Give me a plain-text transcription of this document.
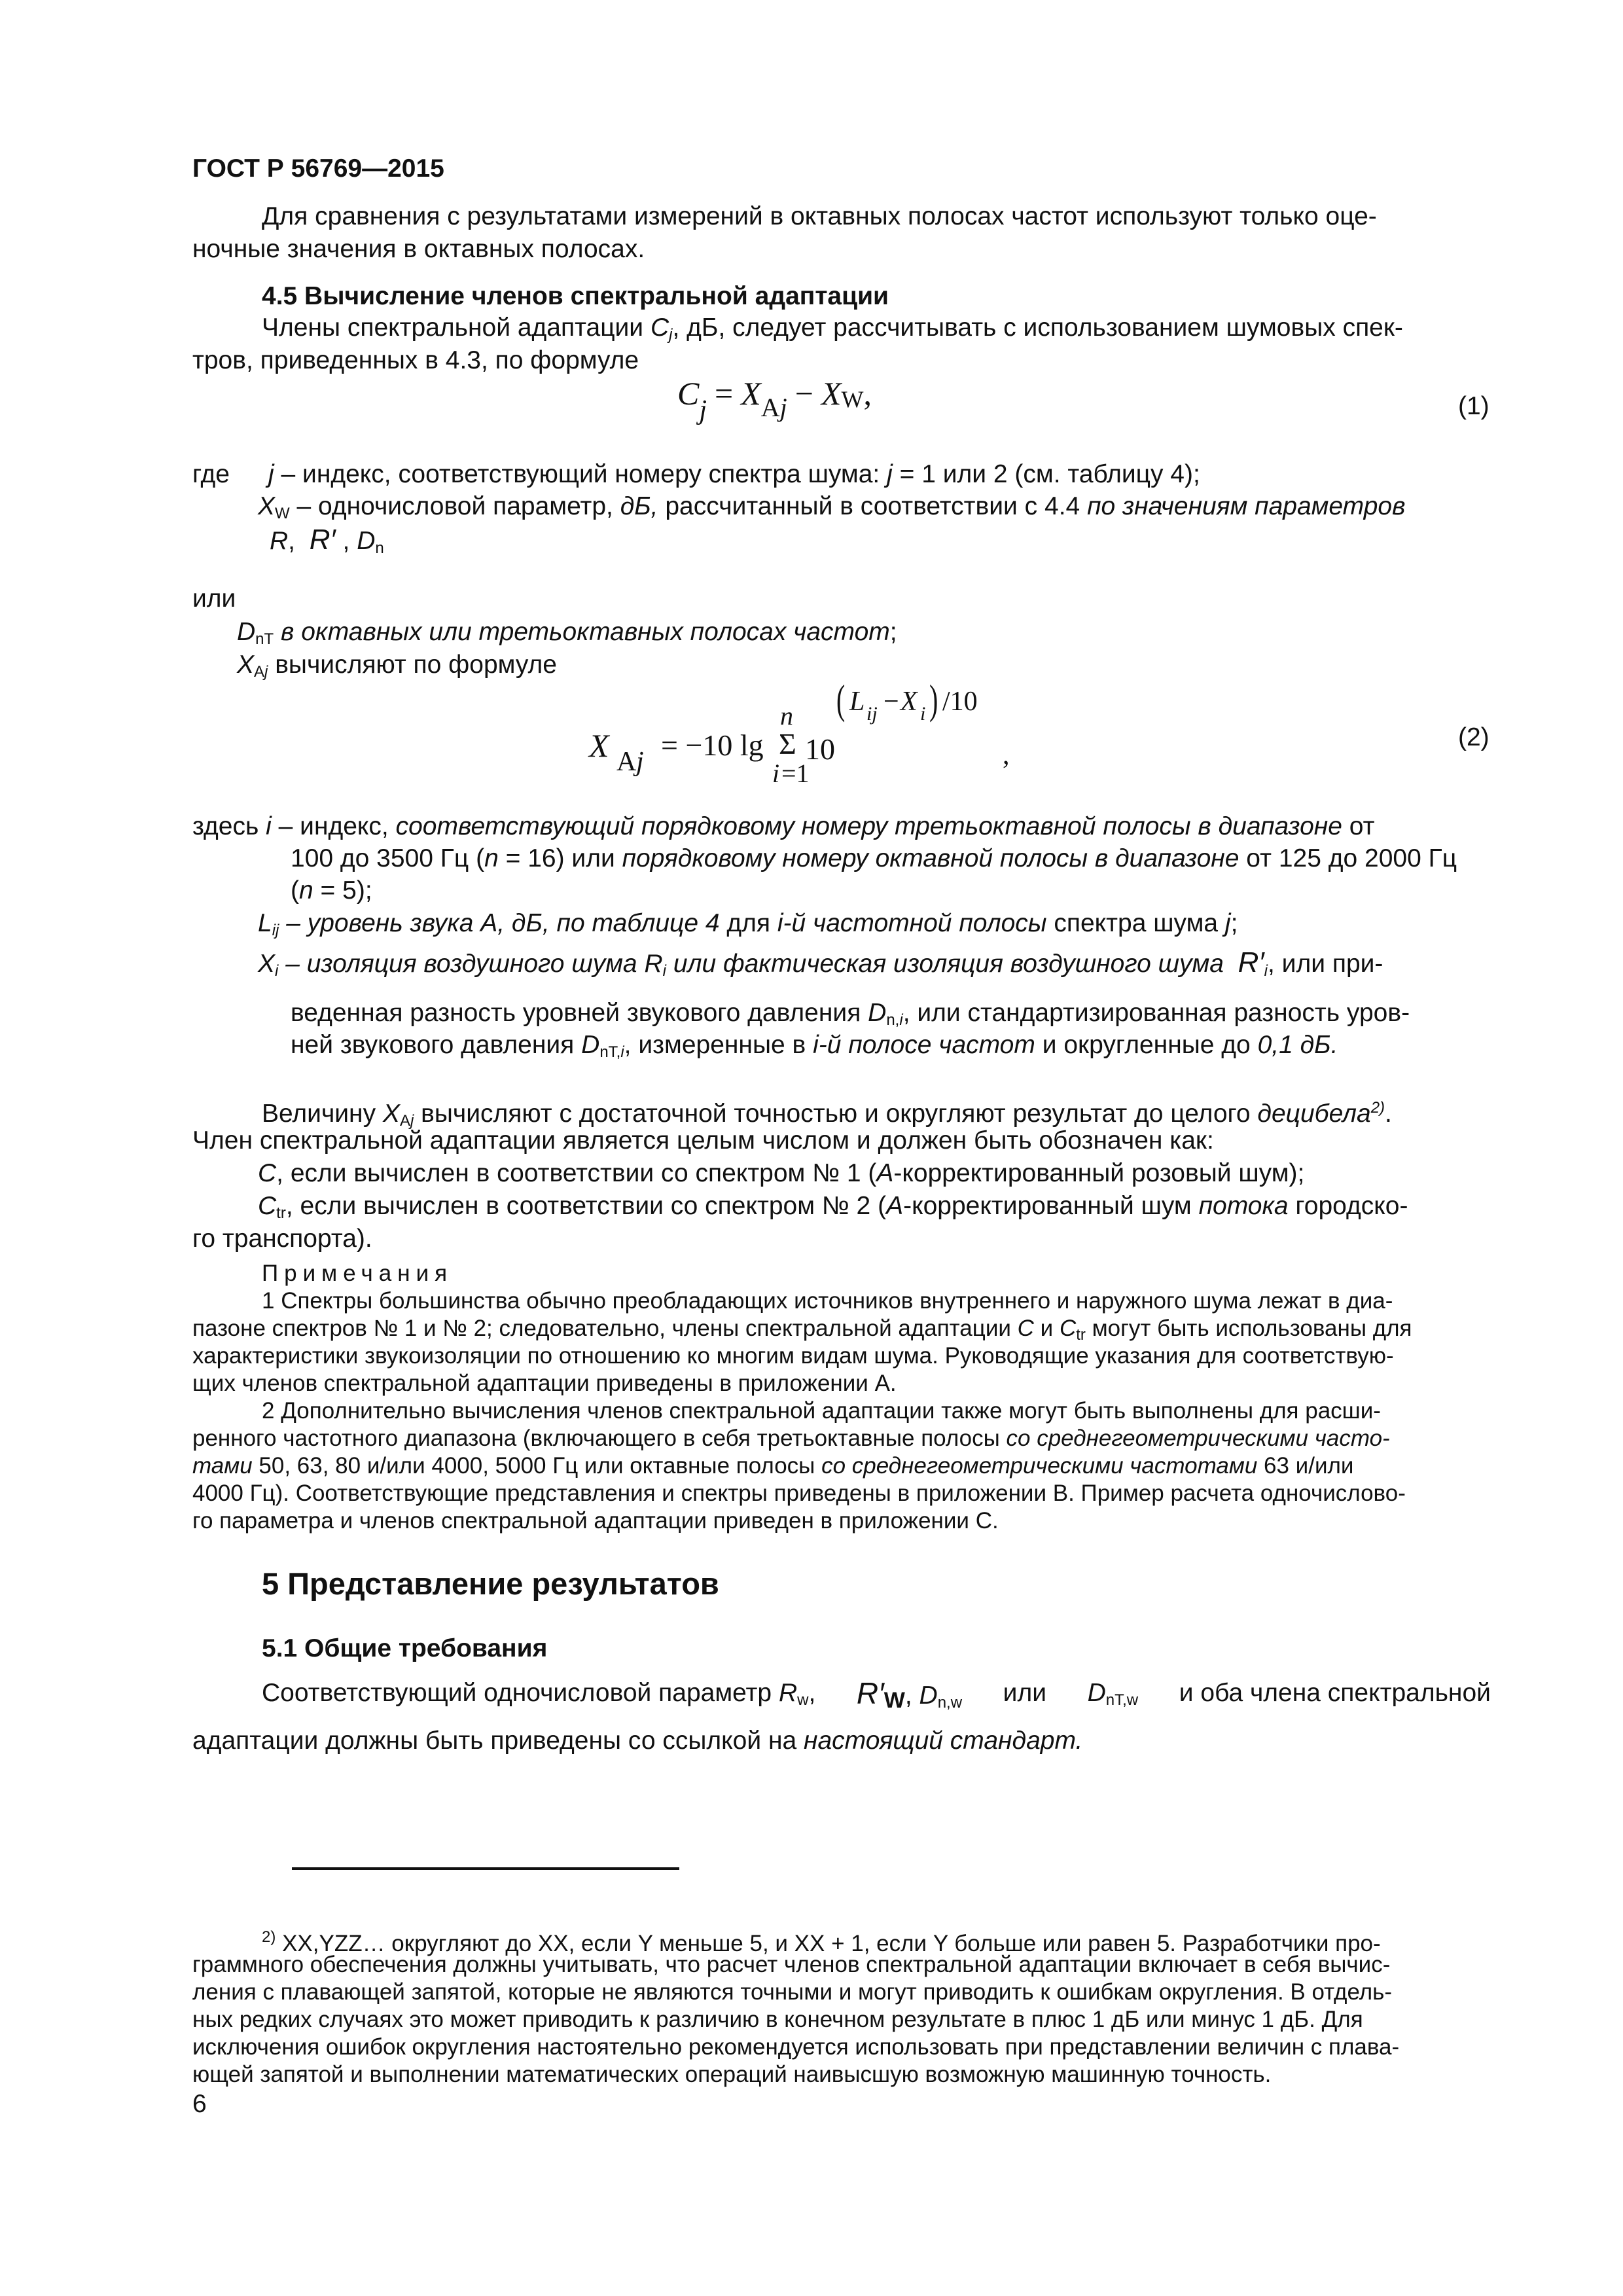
ГОСТ Р 56769—2015
Для сравнения с результатами измерений в октавных полосах частот используют только оце-
ночные значения в октавных полосах.
4.5 Вычисление членов спектральной адаптации
Члены спектральной адаптации $C_j$, дБ, следует рассчитывать с использованием шумовых спек-
тров, приведенных в 4.3, по формуле
$C_j = X_{Aj}$ − XW,	(1)
где j – индекс, соответствующий номеру спектра шума: j = 1 или 2 (см. таблицу 4);
$X_W$ – одночисловой параметр, дБ, рассчитанный в соответствии с 4.4 по значениям параметров
R,  R′ , $D_n$
или
$D_{nT}$ в октавных или третьоктавных полосах частот;
$X_{Aj}$ вычисляют по формуле
X A j = −10 lg
n
Σ
i =1
10
( L ij − X i ) /10
,
(2)
здесь i – индекс, соответствующий порядковому номеру третьоктавной полосы в диапазоне от
100 до 3500 Гц (n = 16) или порядковому номеру октавной полосы в диапазоне от 125 до 2000 Гц
(n = 5);
$L_{ij}$ – уровень звука А, дБ, по таблице 4 для i-й частотной полосы спектра шума j;
$X_i$ – изоляция воздушного шума $R_i$ или фактическая изоляция воздушного шума $R'_i$, или при-
веденная разность уровней звукового давления $D_{n,i}$, или стандартизированная разность уров-
ней звукового давления $D_{nT,i}$, измеренные в i-й полосе частот и округленные до 0,1 дБ.
Величину $X_{Aj}$ вычисляют с достаточной точностью и округляют результат до целого децибела$^{2)}$.
Член спектральной адаптации является целым числом и должен быть обозначен как:
C, если вычислен в соответствии со спектром № 1 (A-корректированный розовый шум);
$C_{tr}$, если вычислен в соответствии со спектром № 2 (A-корректированный шум потока городско-
го транспорта).
Примечания
1 Спектры большинства обычно преобладающих источников внутреннего и наружного шума лежат в диа-
пазоне спектров № 1 и № 2; следовательно, члены спектральной адаптации C и $C_{tr}$ могут быть использованы для
характеристики звукоизоляции по отношению ко многим видам шума. Руководящие указания для соответствую-
щих членов спектральной адаптации приведены в приложении А.
2 Дополнительно вычисления членов спектральной адаптации также могут быть выполнены для расши-
ренного частотного диапазона (включающего в себя третьоктавные полосы со среднегеометрическими часто-
тами 50, 63, 80 и/или 4000, 5000 Гц или октавные полосы со среднегеометрическими частотами 63 и/или
4000 Гц). Соответствующие представления и спектры приведены в приложении В. Пример расчета одночислово-
го параметра и членов спектральной адаптации приведен в приложении С.
5 Представление результатов
5.1 Общие требования
Соответствующий одночисловой параметр $R_w$, R′W, $D_{n,w}$ или $D_{nT,w}$ и оба члена спектральной
адаптации должны быть приведены со ссылкой на настоящий стандарт.
$^{2)}$ XX,YZZ… округляют до XX, если Y меньше 5, и XX + 1, если Y больше или равен 5. Разработчики про-
граммного обеспечения должны учитывать, что расчет членов спектральной адаптации включает в себя вычис-
ления с плавающей запятой, которые не являются точными и могут приводить к ошибкам округления. В отдель-
ных редких случаях это может приводить к различию в конечном результате в плюс 1 дБ или минус 1 дБ. Для
исключения ошибок округления настоятельно рекомендуется использовать при представлении величин с плава-
ющей запятой и выполнении математических операций наивысшую возможную машинную точность.
6
